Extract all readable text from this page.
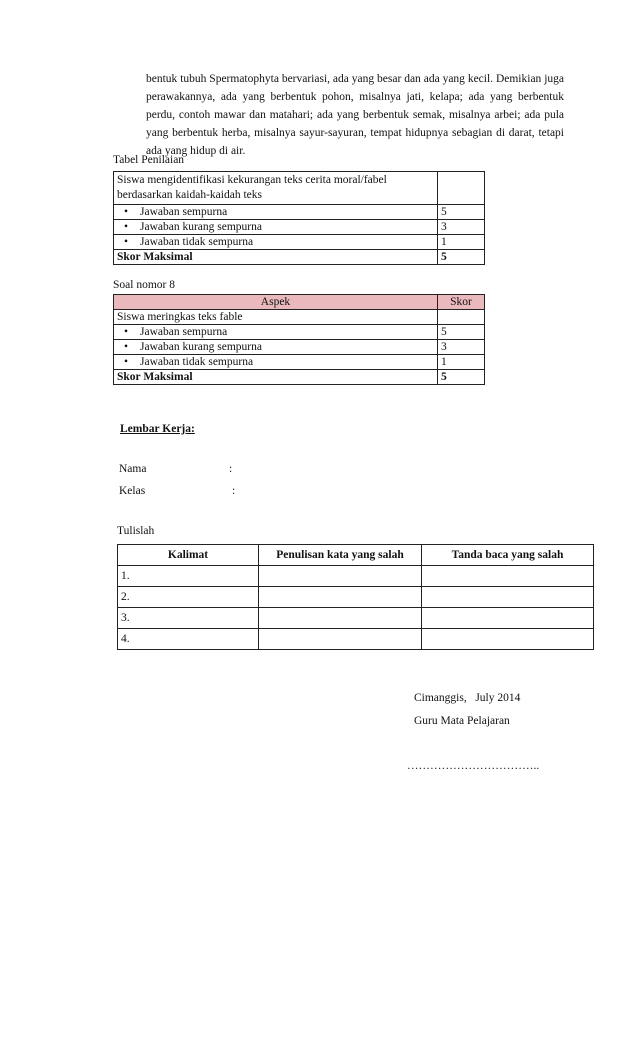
bentuk tubuh Spermatophyta bervariasi, ada yang besar dan ada yang kecil. Demikian juga perawakannya, ada yang berbentuk pohon, misalnya jati, kelapa; ada yang berbentuk perdu, contoh mawar dan matahari; ada yang berbentuk semak, misalnya arbei; ada pula yang berbentuk herba, misalnya sayur-sayuran, tempat hidupnya sebagian di darat, tetapi ada yang hidup di air.

Tabel Penilaian

Siswa mengidentifikasi kekurangan teks cerita moral/fabel berdasarkan kaidah-kaidah teks	
• Jawaban sempurna	5
• Jawaban kurang sempurna	3
• Jawaban tidak sempurna	1
Skor Maksimal	5

Soal nomor 8

Aspek	Skor
Siswa meringkas teks fable	
• Jawaban sempurna	5
• Jawaban kurang sempurna	3
• Jawaban tidak sempurna	1
Skor Maksimal	5

Lembar Kerja:

Nama	:

Kelas	:

Tulislah

Kalimat	Penulisan kata yang salah	Tanda baca yang salah
1.		
2.		
3.		
4.		

Cimanggis,   July 2014

Guru Mata Pelajaran

……………………………..
